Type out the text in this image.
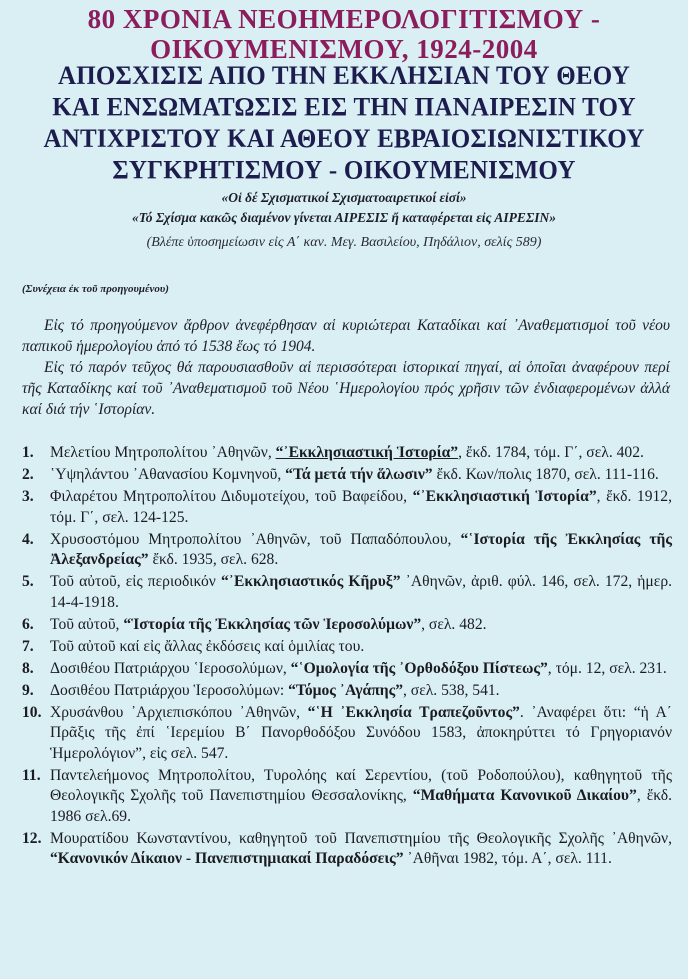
80 ΧΡΟΝΙΑ ΝΕΟΗΜΕΡΟΛΟΓΙΤΙΣΜΟΥ -
ΟΙΚΟΥΜΕΝΙΣΜΟΥ, 1924-2004
ΑΠΟΣΧΙΣΙΣ ΑΠΟ ΤΗΝ ΕΚΚΛΗΣΙΑΝ ΤΟΥ ΘΕΟΥ
ΚΑΙ ΕΝΣΩΜΑΤΩΣΙΣ ΕΙΣ ΤΗΝ ΠΑΝΑΙΡΕΣΙΝ ΤΟΥ
ΑΝΤΙΧΡΙΣΤΟΥ ΚΑΙ ΑΘΕΟΥ ΕΒΡΑΙΟΣΙΩΝΙΣΤΙΚΟΥ
ΣΥΓΚΡΗΤΙΣΜΟΥ - ΟΙΚΟΥΜΕΝΙΣΜΟΥ
«Οἱ δέ Σχισματικοί Σχισματοαιρετικοί εἰσί»
«Τό Σχίσμα κακῶς διαμένον γίνεται ΑΙΡΕΣΙΣ ἤ καταφέρεται εἰς ΑΙΡΕΣΙΝ»
(Βλέπε ὑποσημείωσιν εἰς Α΄ καν. Μεγ. Βασιλείου, Πηδάλιον, σελίς 589)
(Συνέχεια ἐκ τοῦ προηγουμένου)

Εἰς τό προηγούμενον ἄρθρον ἀνεφέρθησαν αἱ κυριώτεραι Καταδίκαι καί ᾿Αναθεματισμοί τοῦ νέου παπικοῦ ἡμερολογίου ἀπό τό 1538 ἕως τό 1904.

Εἰς τό παρόν τεῦχος θά παρουσιασθοῦν αἱ περισσότεραι ἱστορικαί πηγαί, αἱ ὁποῖαι ἀναφέρουν περί τῆς Καταδίκης καί τοῦ ᾿Αναθεματισμοῦ τοῦ Νέου ῾Ημερολογίου πρός χρῆσιν τῶν ἐνδιαφερομένων ἀλλά καί διά τήν ῾Ιστορίαν.

1.	Μελετίου Μητροπολίτου ᾿Αθηνῶν, “᾿Εκκλησιαστική Ἱστορία”, ἔκδ. 1784, τόμ. Γ΄, σελ. 402.
2.	῾Υψηλάντου ᾿Αθανασίου Κομνηνοῦ, “Τά μετά τήν ἅλωσιν” ἔκδ. Κων/πολις 1870, σελ. 111-116.
3.	Φιλαρέτου Μητροπολίτου Διδυμοτείχου, τοῦ Βαφείδου, “᾿Εκκλησιαστική Ἱστορία”, ἔκδ. 1912, τόμ. Γ΄, σελ. 124-125.
4.	Χρυσοστόμου Μητροπολίτου ᾿Αθηνῶν, τοῦ Παπαδόπουλου, “῾Ιστορία τῆς Ἐκκλησίας τῆς Ἀλεξανδρείας” ἔκδ. 1935, σελ. 628.
5.	Τοῦ αὐτοῦ, εἰς περιοδικόν “᾿Εκκλησιαστικός Κῆρυξ” ᾿Αθηνῶν, ἀριθ. φύλ. 146, σελ. 172, ἡμερ. 14-4-1918.
6.	Τοῦ αὐτοῦ, “Ἱστορία τῆς Ἐκκλησίας τῶν Ἱεροσολύμων”, σελ. 482.
7.	Τοῦ αὐτοῦ καί εἰς ἄλλας ἐκδόσεις καί ὁμιλίας του.
8.	Δοσιθέου Πατριάρχου ῾Ιεροσολύμων, “῾Ομολογία τῆς ᾿Ορθοδόξου Πίστεως”, τόμ. 12, σελ. 231.
9.	Δοσιθέου Πατριάρχου Ἱεροσολύμων: “Τόμος ᾿Αγάπης”, σελ. 538, 541.
10. Χρυσάνθου ᾿Αρχιεπισκόπου ᾿Αθηνῶν, “῾Η ᾿Εκκλησία Τραπεζοῦντος”. ᾿Αναφέρει ὅτι: “ἡ Α΄ Πρᾶξις τῆς ἐπί ῾Ιερεμίου Β΄ Πανορθοδόξου Συνόδου 1583, ἀποκηρύττει τό Γρηγοριανόν Ἡμερολόγιον”, εἰς σελ. 547.
11. Παντελεήμονος Μητροπολίτου, Τυρολόης καί Σερεντίου, (τοῦ Ροδοπούλου), καθηγητοῦ τῆς Θεολογικῆς Σχολῆς τοῦ Πανεπιστημίου Θεσσαλονίκης, “Μαθήματα Κανονικοῦ Δικαίου”, ἔκδ. 1986 σελ.69.
12. Μουρατίδου Κωνσταντίνου, καθηγητοῦ τοῦ Πανεπιστημίου τῆς Θεολογικῆς Σχολῆς ᾿Αθηνῶν, “Κανονικόν Δίκαιον - Πανεπιστημιακαί Παραδόσεις” ᾿Αθῆναι 1982, τόμ. Α΄, σελ. 111.
